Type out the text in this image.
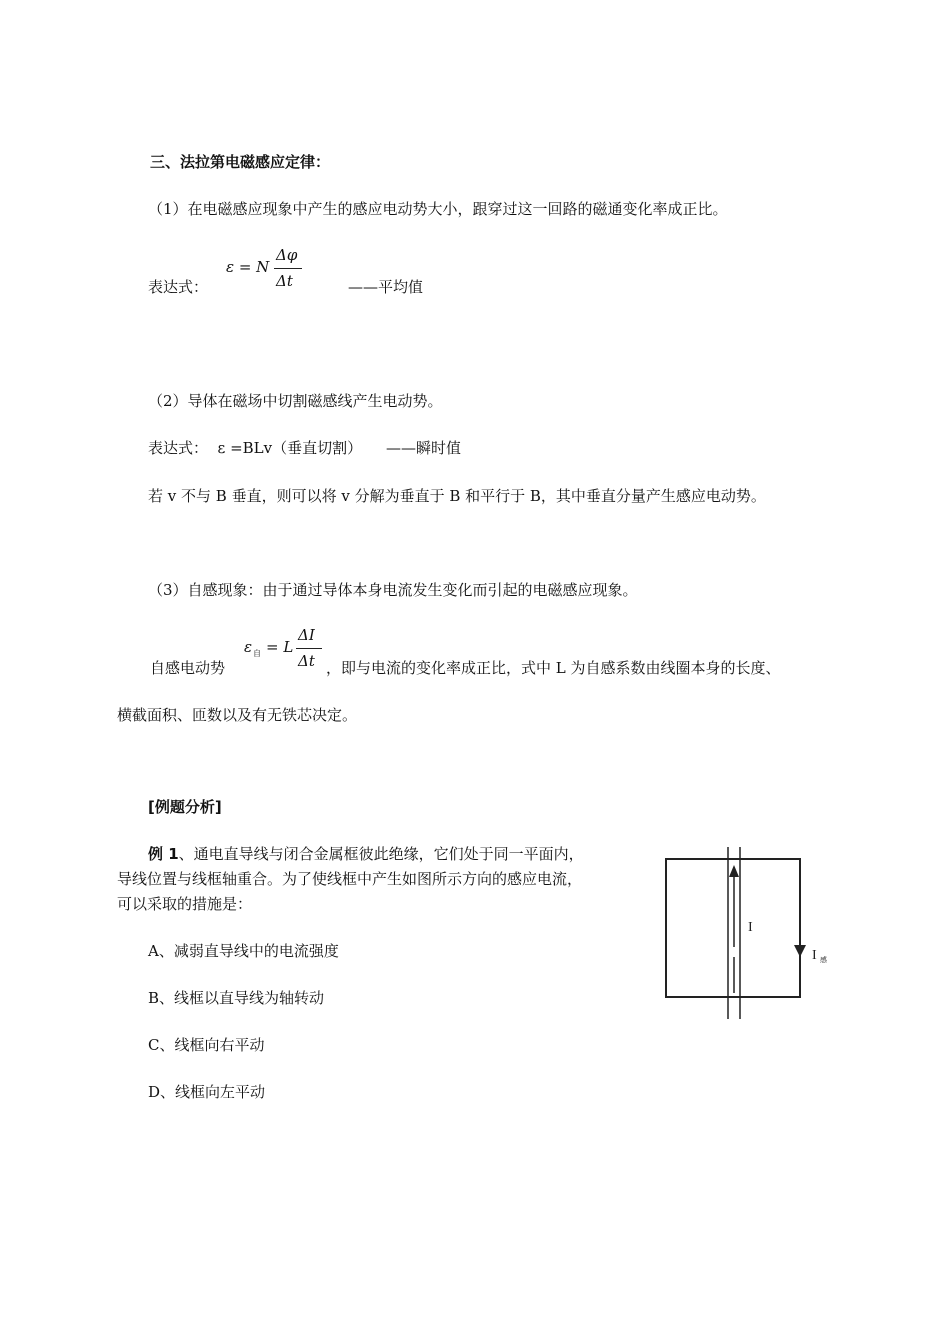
三、法拉第电磁感应定律：
（1）在电磁感应现象中产生的感应电动势大小，跟穿过这一回路的磁通变化率成正比。
表达式：
ε = N
Δφ
Δt	——平均值
（2）导体在磁场中切割磁感线产生电动势。
表达式：  ε =BLv（垂直切割）     ——瞬时值
若 v 不与 B 垂直，则可以将 v 分解为垂直于 B 和平行于 B，其中垂直分量产生感应电动势。
（3）自感现象：由于通过导体本身电流发生变化而引起的电磁感应现象。
自感电动势
ε 自 = L
ΔI
Δt ，即与电流的变化率成正比，式中 L 为自感系数由线圈本身的长度、
横截面积、匝数以及有无铁芯决定。
[例题分析]
例 1、通电直导线与闭合金属框彼此绝缘，它们处于同一平面内，
导线位置与线框轴重合。为了使线框中产生如图所示方向的感应电流，
可以采取的措施是：
A、减弱直导线中的电流强度
B、线框以直导线为轴转动
C、线框向右平动
D、线框向左平动
I
I 感
